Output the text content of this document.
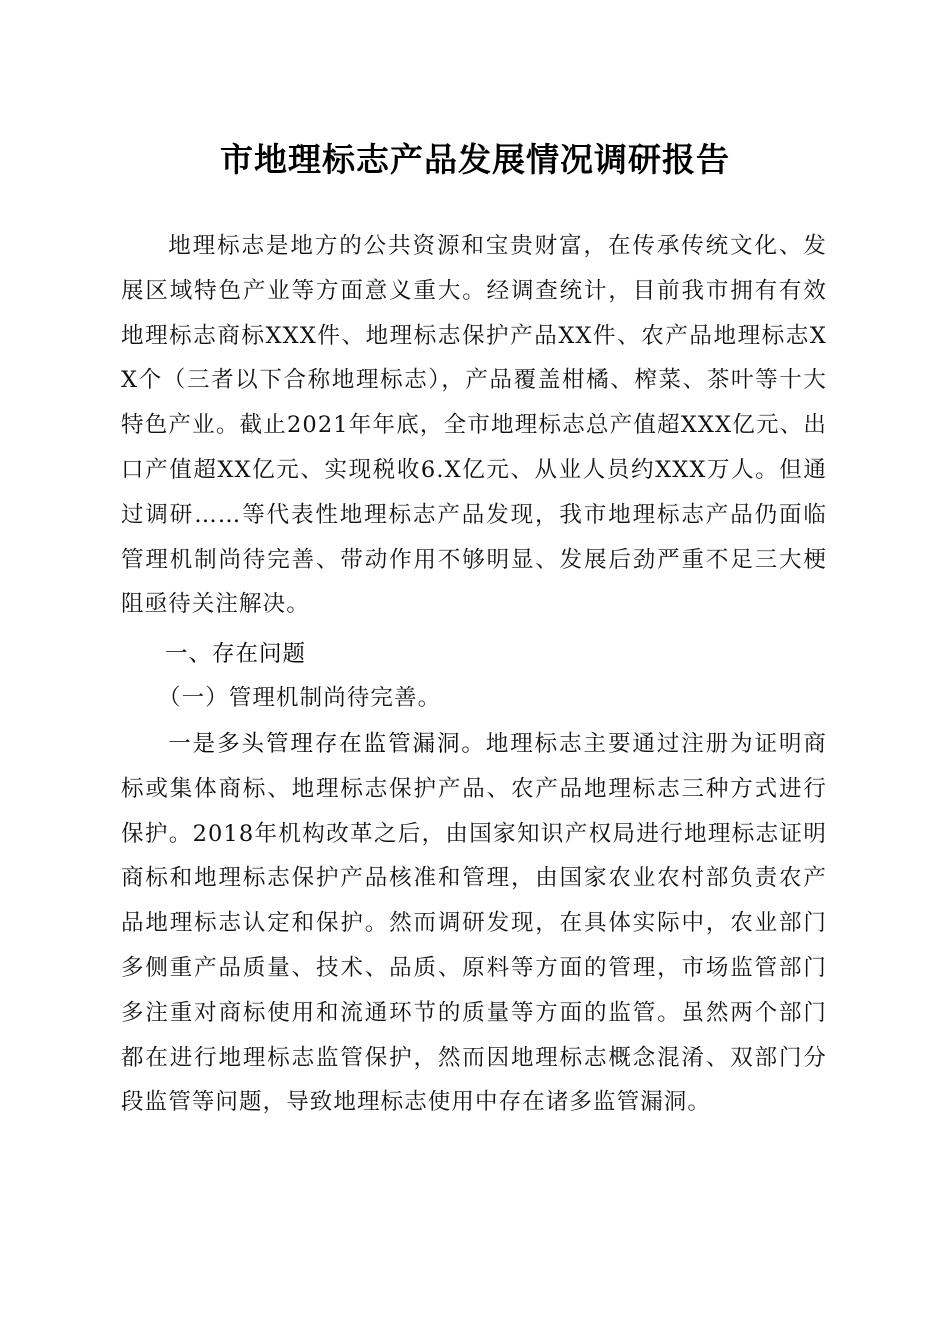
市地理标志产品发展情况调研报告

地理标志是地方的公共资源和宝贵财富，在传承传统文化、发展区域特色产业等方面意义重大。经调查统计，目前我市拥有有效地理标志商标XXX件、地理标志保护产品XX件、农产品地理标志XX个（三者以下合称地理标志），产品覆盖柑橘、榨菜、茶叶等十大特色产业。截止2021年年底，全市地理标志总产值超XXX亿元、出口产值超XX亿元、实现税收6.X亿元、从业人员约XXX万人。但通过调研……等代表性地理标志产品发现，我市地理标志产品仍面临管理机制尚待完善、带动作用不够明显、发展后劲严重不足三大梗阻亟待关注解决。

一、存在问题
（一）管理机制尚待完善。

一是多头管理存在监管漏洞。地理标志主要通过注册为证明商标或集体商标、地理标志保护产品、农产品地理标志三种方式进行保护。2018年机构改革之后，由国家知识产权局进行地理标志证明商标和地理标志保护产品核准和管理，由国家农业农村部负责农产品地理标志认定和保护。然而调研发现，在具体实际中，农业部门多侧重产品质量、技术、品质、原料等方面的管理，市场监管部门多注重对商标使用和流通环节的质量等方面的监管。虽然两个部门都在进行地理标志监管保护，然而因地理标志概念混淆、双部门分段监管等问题，导致地理标志使用中存在诸多监管漏洞。
